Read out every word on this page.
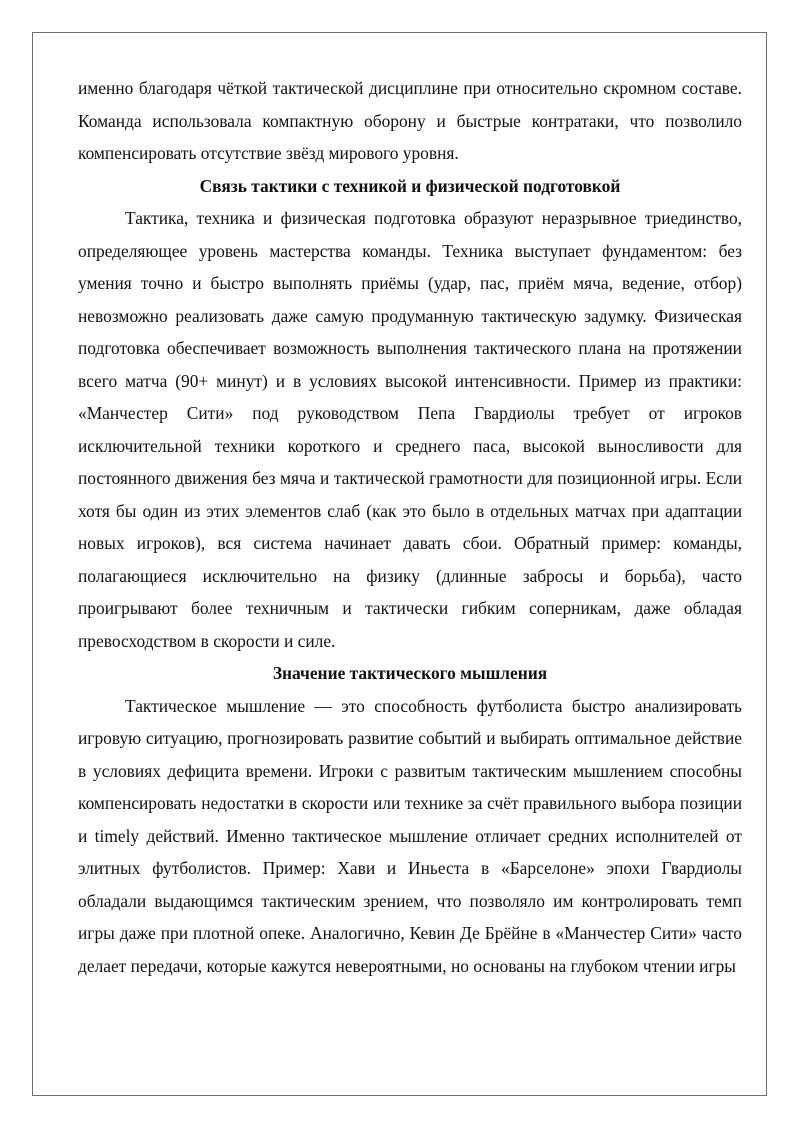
именно благодаря чёткой тактической дисциплине при относительно скромном составе. Команда использовала компактную оборону и быстрые контратаки, что позволило компенсировать отсутствие звёзд мирового уровня.

Связь тактики с техникой и физической подготовкой

Тактика, техника и физическая подготовка образуют неразрывное триединство, определяющее уровень мастерства команды. Техника выступает фундаментом: без умения точно и быстро выполнять приёмы (удар, пас, приём мяча, ведение, отбор) невозможно реализовать даже самую продуманную тактическую задумку. Физическая подготовка обеспечивает возможность выполнения тактического плана на протяжении всего матча (90+ минут) и в условиях высокой интенсивности. Пример из практики: «Манчестер Сити» под руководством Пепа Гвардиолы требует от игроков исключительной техники короткого и среднего паса, высокой выносливости для постоянного движения без мяча и тактической грамотности для позиционной игры. Если хотя бы один из этих элементов слаб (как это было в отдельных матчах при адаптации новых игроков), вся система начинает давать сбои. Обратный пример: команды, полагающиеся исключительно на физику (длинные забросы и борьба), часто проигрывают более техничным и тактически гибким соперникам, даже обладая превосходством в скорости и силе.

Значение тактического мышления

Тактическое мышление — это способность футболиста быстро анализировать игровую ситуацию, прогнозировать развитие событий и выбирать оптимальное действие в условиях дефицита времени. Игроки с развитым тактическим мышлением способны компенсировать недостатки в скорости или технике за счёт правильного выбора позиции и timely действий. Именно тактическое мышление отличает средних исполнителей от элитных футболистов. Пример: Хави и Иньеста в «Барселоне» эпохи Гвардиолы обладали выдающимся тактическим зрением, что позволяло им контролировать темп игры даже при плотной опеке. Аналогично, Кевин Де Брёйне в «Манчестер Сити» часто делает передачи, которые кажутся невероятными, но основаны на глубоком чтении игры
